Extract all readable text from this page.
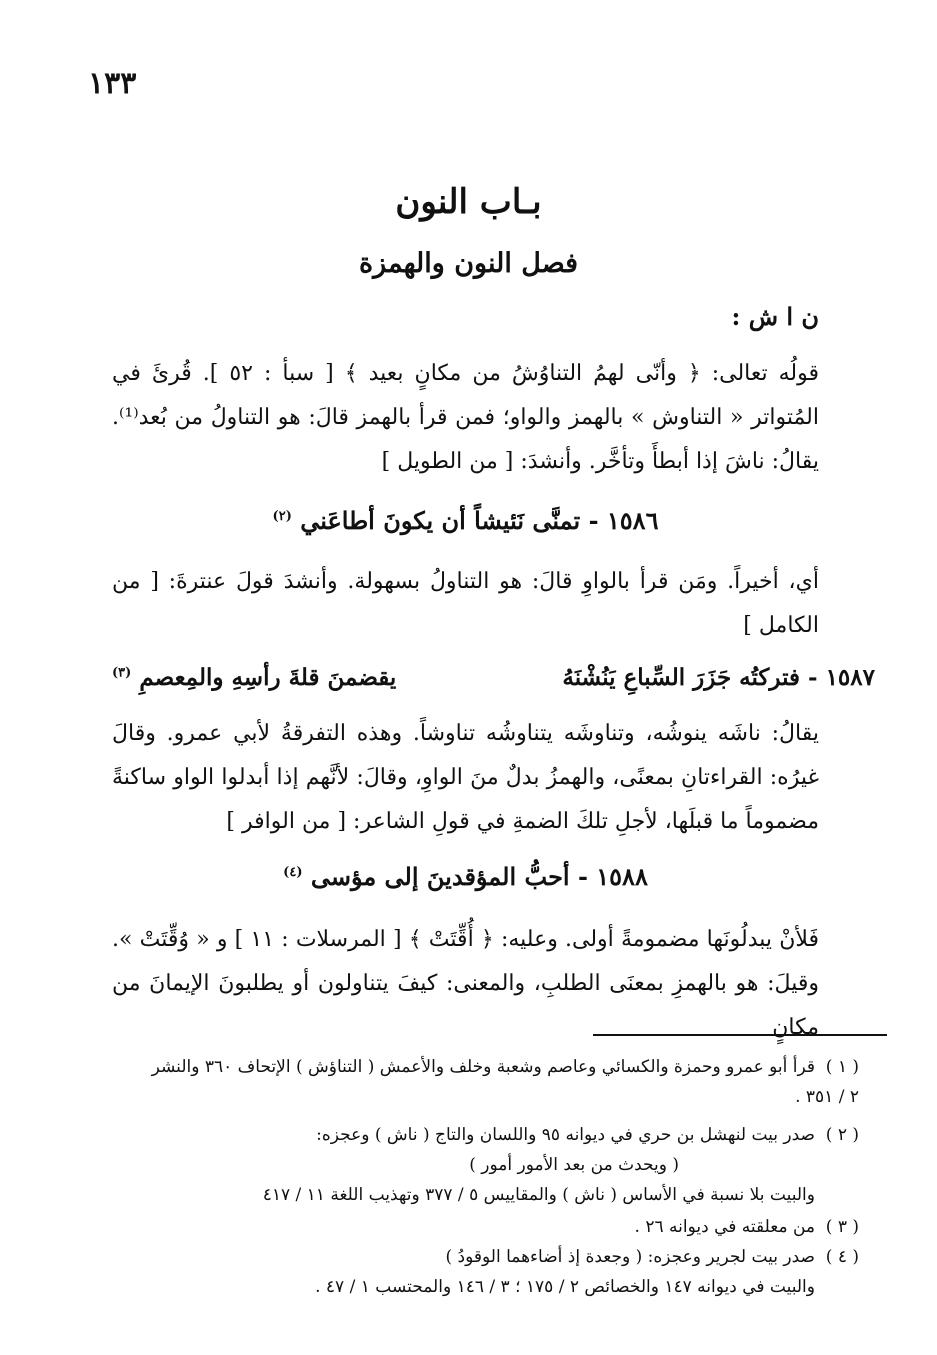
١٣٣
بـاب النون
فصل النون والهمزة
ن ا ش :

قولُه تعالى: ﴿ وأنّى لهمُ التناوُشُ من مكانٍ بعيد ﴾ [ سبأ : ٥٢ ]. قُرئَ في المُتواتر « التناوش » بالهمز والواو؛ فمن قرأ بالهمز قالَ: هو التناولُ من بُعد⁽¹⁾. يقالُ: ناشَ إذا أبطأَ وتأخَّر. وأنشدَ: [ من الطويل ]

١٥٨٦ - تمنَّى نَئيشاً أن يكونَ أطاعَني $^{(٢)}$

أي، أخيراً. ومَن قرأ بالواوِ قالَ: هو التناولُ بسهولة. وأنشدَ قولَ عنترةَ: [ من الكامل ]

١٥٨٧ - فتركتُه جَزَرَ السِّباعِ يَنُشْنَهُ
يقضمنَ قلةَ رأسِهِ والمِعصمِ $^{(٣)}$

يقالُ: ناشَه ينوشُه، وتناوشَه يتناوشُه تناوشاً. وهذه التفرقةُ لأبي عمرو. وقالَ غيرُه: القراءتانِ بمعنًى، والهمزُ بدلٌ منَ الواوِ، وقالَ: لأنَّهم إذا أبدلوا الواو ساكنةً مضموماً ما قبلَها، لأجلِ تلكَ الضمةِ في قولِ الشاعر: [ من الوافر ]

١٥٨٨ - أحبُّ المؤقدينَ إلى مؤسى $^{(٤)}$

فَلأنْ يبدلُونَها مضمومةً أولى. وعليه: ﴿ أُقِّتَتْ ﴾ [ المرسلات : ١١ ] و « وُقِّتَتْ ». وقيلَ: هو بالهمزِ بمعنَى الطلبِ، والمعنى: كيفَ يتناولون أو يطلبونَ الإيمانَ من مكانٍ

( ١ )قرأ أبو عمرو وحمزة والكسائي وعاصم وشعبة وخلف والأعمش ( التناؤش ) الإتحاف ٣٦٠ والنشر
٢ / ٣٥١ .
( ٢ )صدر بيت لنهشل بن حري في ديوانه ٩٥ واللسان والتاج ( ناش ) وعجزه:
( ويحدث من بعد الأمور أمور )
والبيت بلا نسبة في الأساس ( ناش ) والمقاييس ٥ / ٣٧٧ وتهذيب اللغة ١١ / ٤١٧
( ٣ )من معلقته في ديوانه ٢٦ .
( ٤ )صدر بيت لجرير وعجزه: ( وجعدة إذ أضاءهما الوقودُ )
والبيت في ديوانه ١٤٧ والخصائص ٢ / ١٧٥ ؛ ٣ / ١٤٦ والمحتسب ١ / ٤٧ .
